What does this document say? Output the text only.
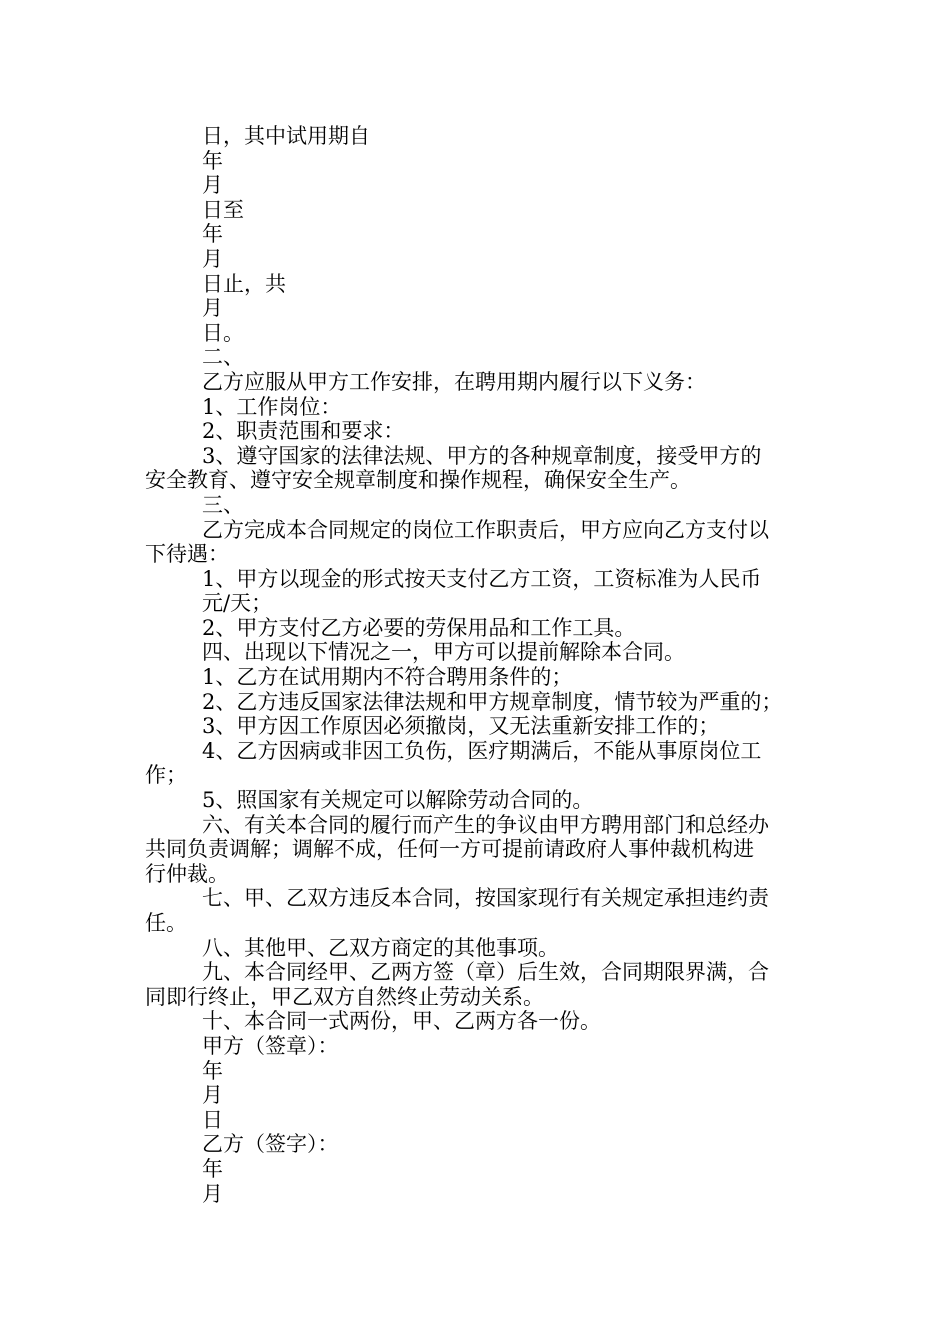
日，其中试用期自

年

月

日至

年

月

日止，共

月

日。

二、

乙方应服从甲方工作安排，在聘用期内履行以下义务：

1、工作岗位：

2、职责范围和要求：

3、遵守国家的法律法规、甲方的各种规章制度，接受甲方的

安全教育、遵守安全规章制度和操作规程，确保安全生产。

三、

乙方完成本合同规定的岗位工作职责后，甲方应向乙方支付以

下待遇：

1、甲方以现金的形式按天支付乙方工资，工资标准为人民币

元/天；

2、甲方支付乙方必要的劳保用品和工作工具。

四、出现以下情况之一，甲方可以提前解除本合同。

1、乙方在试用期内不符合聘用条件的；

2、乙方违反国家法律法规和甲方规章制度，情节较为严重的；

3、甲方因工作原因必须撤岗，又无法重新安排工作的；

4、乙方因病或非因工负伤，医疗期满后，不能从事原岗位工

作；

5、照国家有关规定可以解除劳动合同的。

六、有关本合同的履行而产生的争议由甲方聘用部门和总经办

共同负责调解；调解不成，任何一方可提前请政府人事仲裁机构进

行仲裁。

七、甲、乙双方违反本合同，按国家现行有关规定承担违约责

任。

八、其他甲、乙双方商定的其他事项。

九、本合同经甲、乙两方签（章）后生效，合同期限界满，合

同即行终止，甲乙双方自然终止劳动关系。

十、本合同一式两份，甲、乙两方各一份。

甲方（签章）：

年

月

日

乙方（签字）：

年

月
